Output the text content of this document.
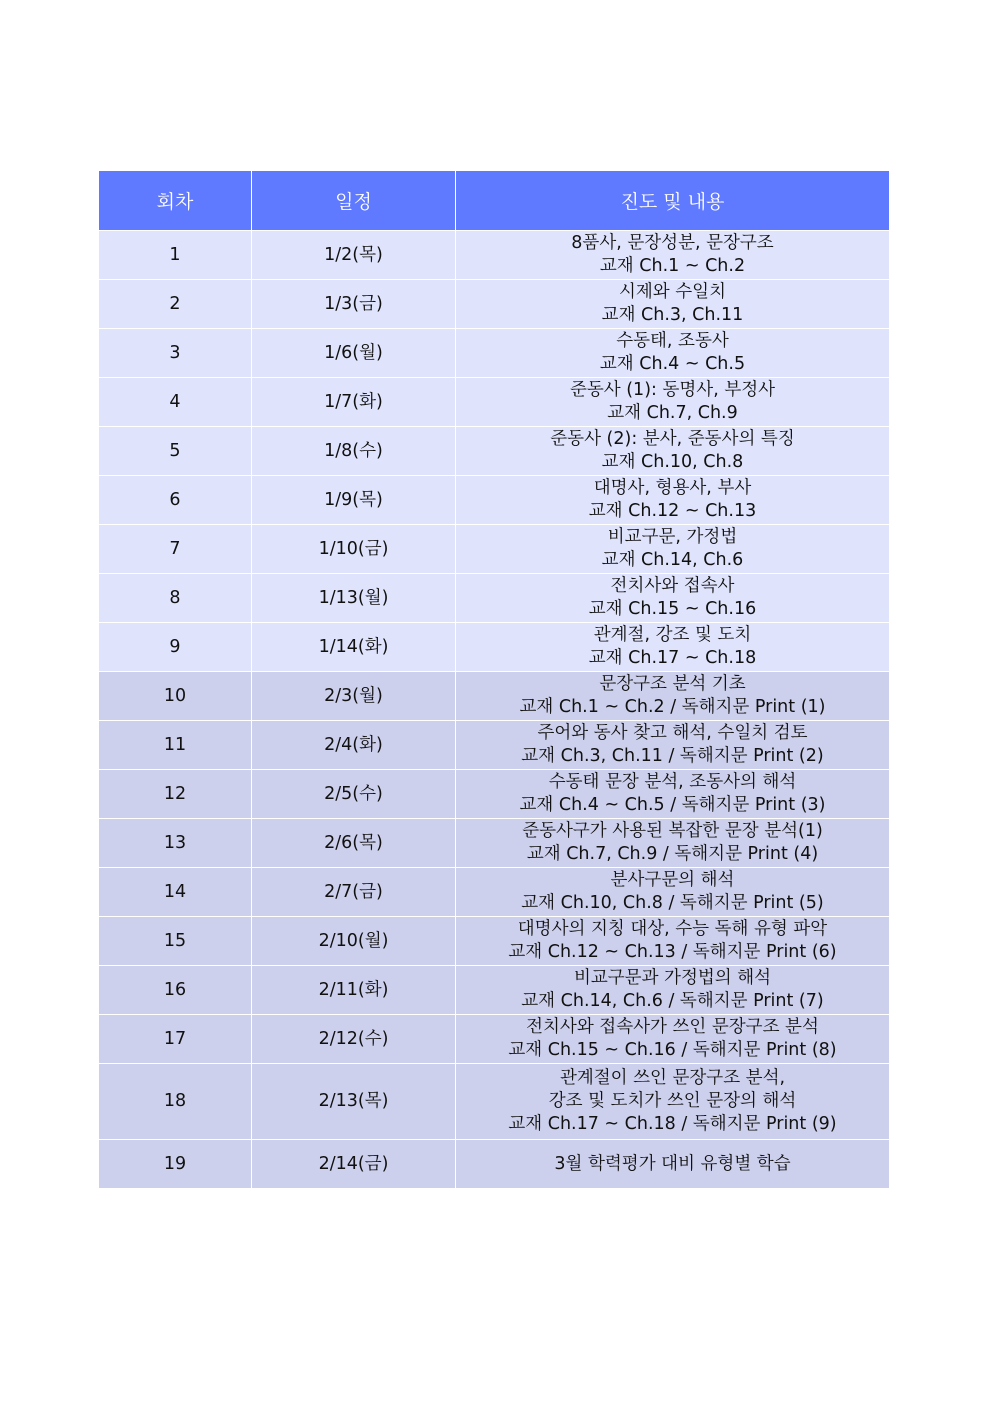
회차	일정	진도 및 내용
1	1/2(목)	8품사, 문장성분, 문장구조
교재 Ch.1 ~ Ch.2

2	1/3(금)	시제와 수일치
교재 Ch.3, Ch.11

3	1/6(월)	수동태, 조동사
교재 Ch.4 ~ Ch.5

4	1/7(화)	준동사 (1): 동명사, 부정사
교재 Ch.7, Ch.9

5	1/8(수)	준동사 (2): 분사, 준동사의 특징
교재 Ch.10, Ch.8

6	1/9(목)	대명사, 형용사, 부사
교재 Ch.12 ~ Ch.13

7	1/10(금)	비교구문, 가정법
교재 Ch.14, Ch.6

8	1/13(월)	전치사와 접속사
교재 Ch.15 ~ Ch.16

9	1/14(화)	관계절, 강조 및 도치
교재 Ch.17 ~ Ch.18

10	2/3(월)	문장구조 분석 기초
교재 Ch.1 ~ Ch.2 / 독해지문 Print (1)

11	2/4(화)	주어와 동사 찾고 해석, 수일치 검토
교재 Ch.3, Ch.11 / 독해지문 Print (2)

12	2/5(수)	수동태 문장 분석, 조동사의 해석
교재 Ch.4 ~ Ch.5 / 독해지문 Print (3)

13	2/6(목)	준동사구가 사용된 복잡한 문장 분석(1)
교재 Ch.7, Ch.9 / 독해지문 Print (4)

14	2/7(금)	분사구문의 해석
교재 Ch.10, Ch.8 / 독해지문 Print (5)

15	2/10(월)	대명사의 지칭 대상, 수능 독해 유형 파악
교재 Ch.12 ~ Ch.13 / 독해지문 Print (6)

16	2/11(화)	비교구문과 가정법의 해석
교재 Ch.14, Ch.6 / 독해지문 Print (7)

17	2/12(수)	전치사와 접속사가 쓰인 문장구조 분석
교재 Ch.15 ~ Ch.16 / 독해지문 Print (8)

18	2/13(목)	관계절이 쓰인 문장구조 분석,
강조 및 도치가 쓰인 문장의 해석
교재 Ch.17 ~ Ch.18 / 독해지문 Print (9)

19	2/14(금)	3월 학력평가 대비 유형별 학습
